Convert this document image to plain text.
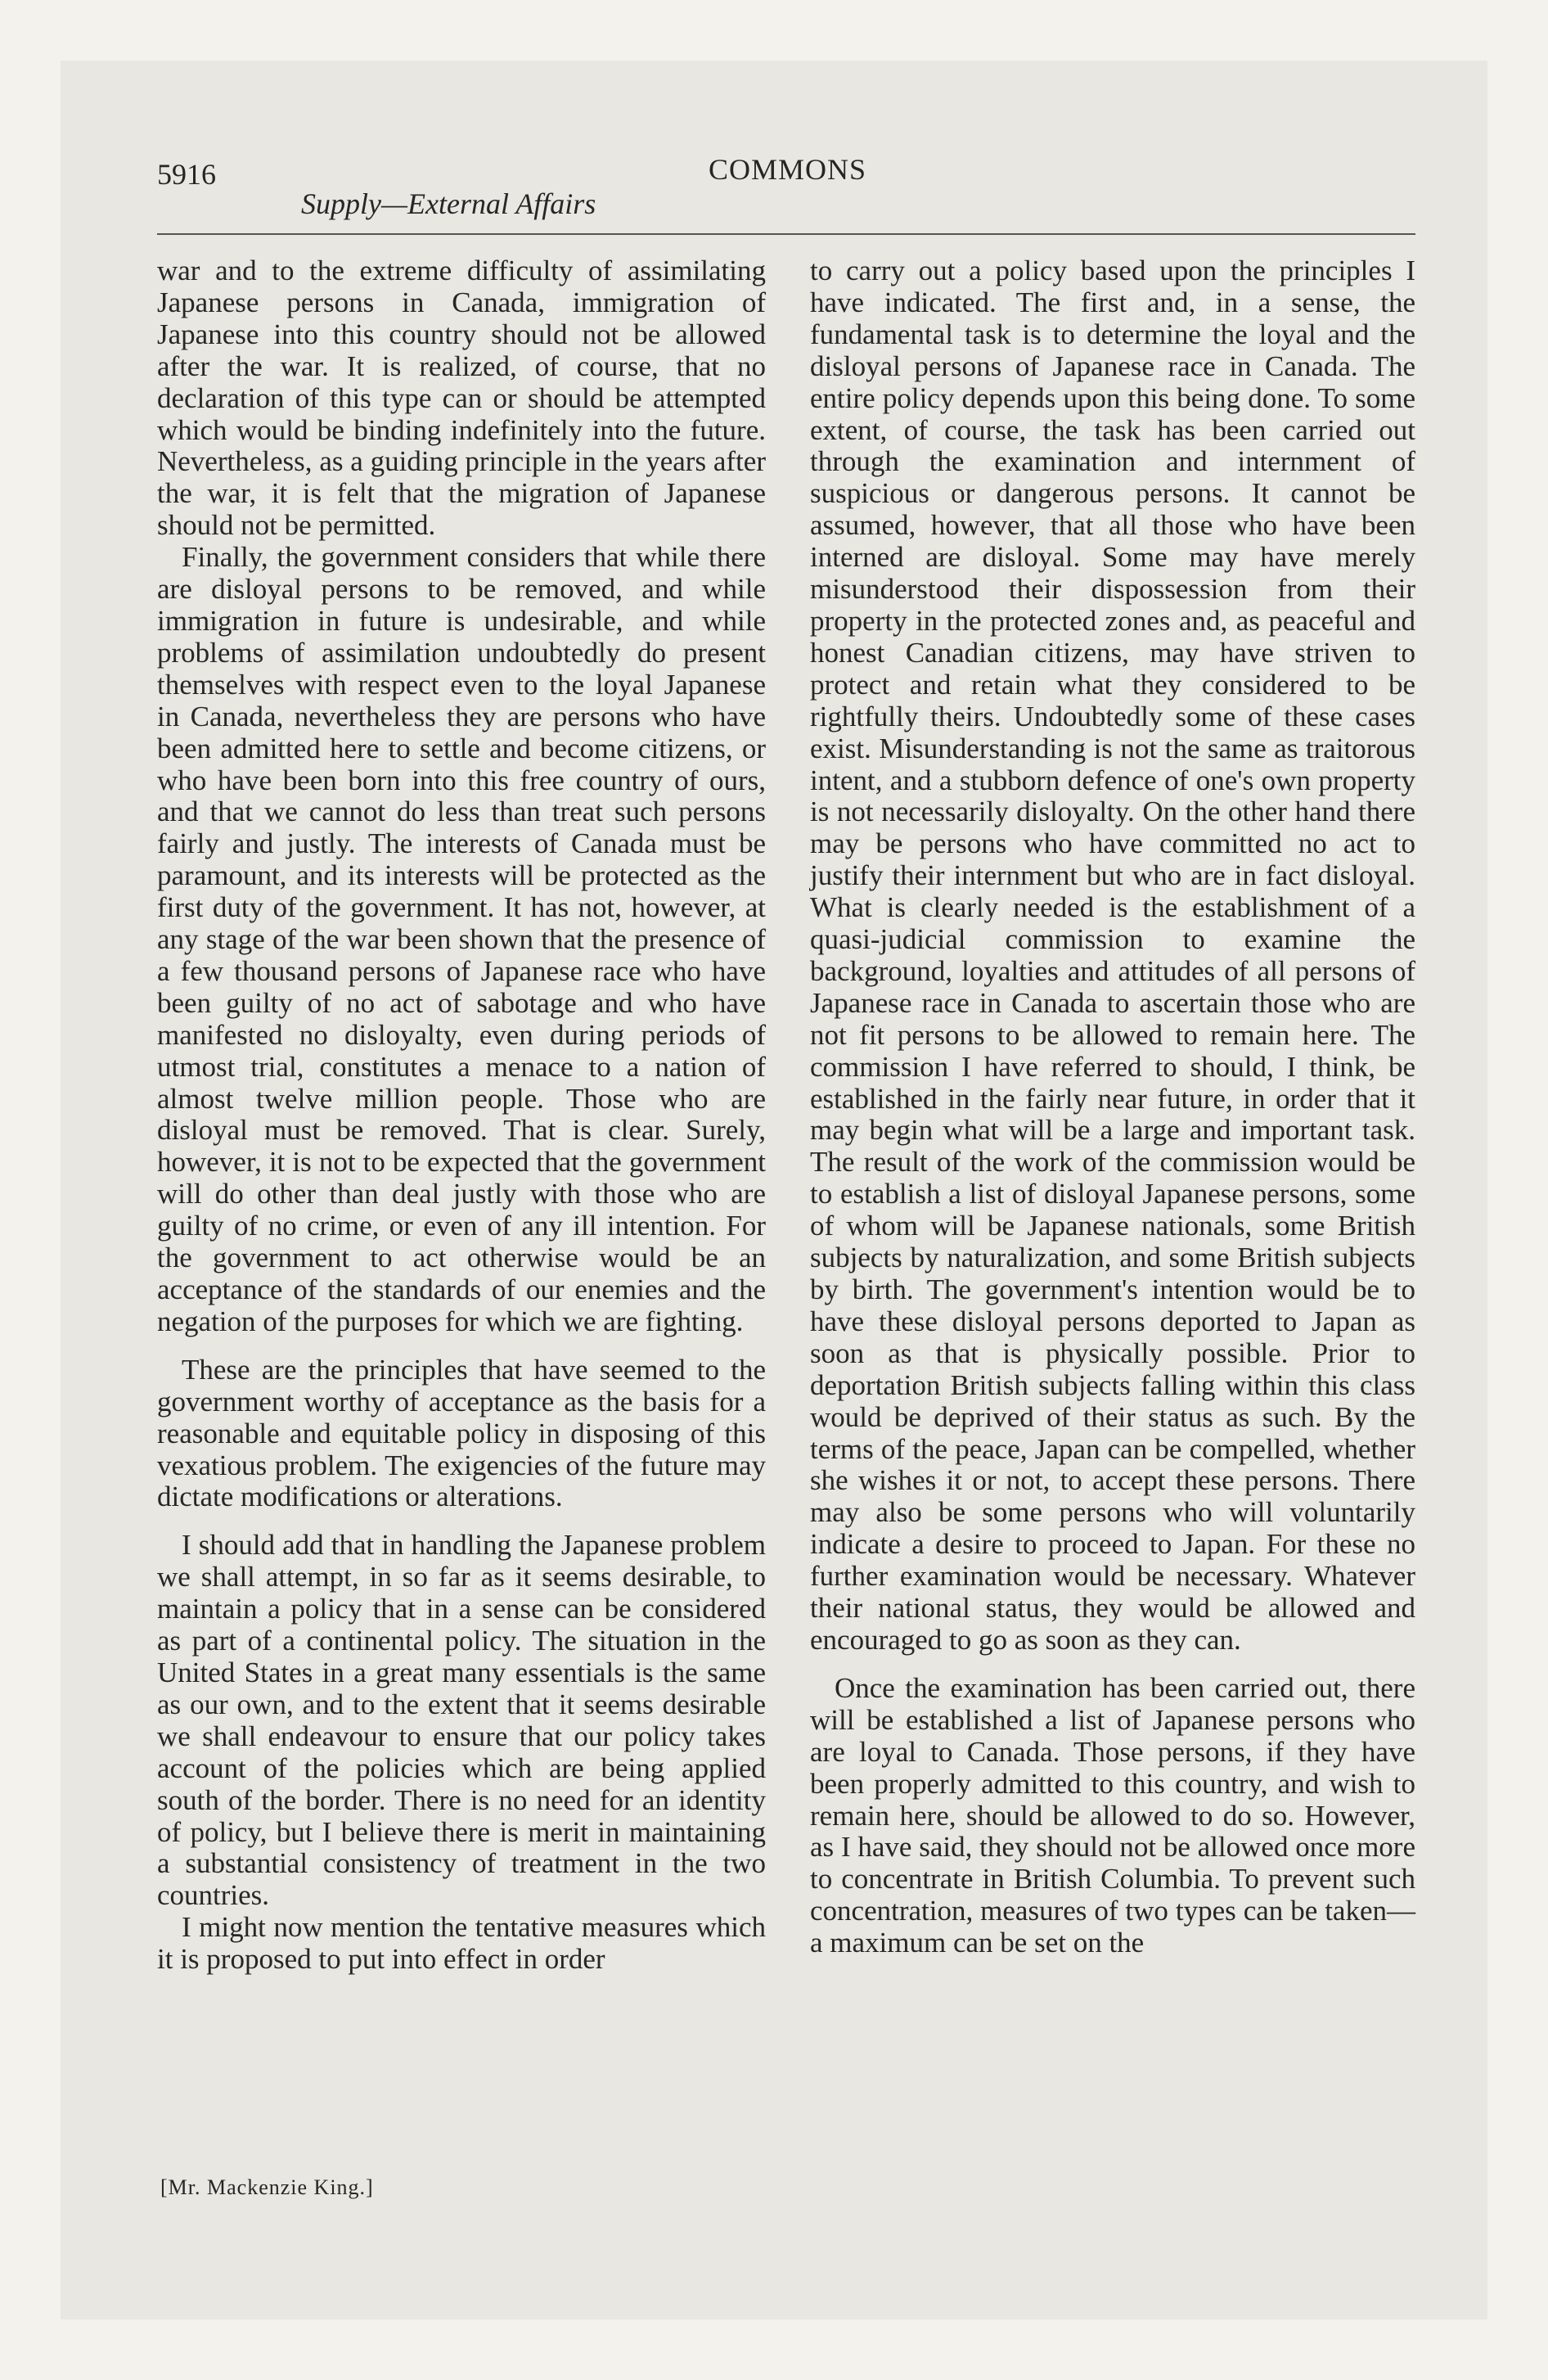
5916	COMMONS
Supply—External Affairs

war and to the extreme difficulty of assimilating Japanese persons in Canada, immigration of Japanese into this country should not be allowed after the war. It is realized, of course, that no declaration of this type can or should be attempted which would be binding indefinitely into the future. Nevertheless, as a guiding principle in the years after the war, it is felt that the migration of Japanese should not be permitted.

Finally, the government considers that while there are disloyal persons to be removed, and while immigration in future is undesirable, and while problems of assimilation undoubtedly do present themselves with respect even to the loyal Japanese in Canada, nevertheless they are persons who have been admitted here to settle and become citizens, or who have been born into this free country of ours, and that we cannot do less than treat such persons fairly and justly. The interests of Canada must be paramount, and its interests will be protected as the first duty of the government. It has not, however, at any stage of the war been shown that the presence of a few thousand persons of Japanese race who have been guilty of no act of sabotage and who have manifested no disloyalty, even during periods of utmost trial, constitutes a menace to a nation of almost twelve million people. Those who are disloyal must be removed. That is clear. Surely, however, it is not to be expected that the government will do other than deal justly with those who are guilty of no crime, or even of any ill intention. For the government to act otherwise would be an acceptance of the standards of our enemies and the negation of the purposes for which we are fighting.

These are the principles that have seemed to the government worthy of acceptance as the basis for a reasonable and equitable policy in disposing of this vexatious problem. The exigencies of the future may dictate modifications or alterations.

I should add that in handling the Japanese problem we shall attempt, in so far as it seems desirable, to maintain a policy that in a sense can be considered as part of a continental policy. The situation in the United States in a great many essentials is the same as our own, and to the extent that it seems desirable we shall endeavour to ensure that our policy takes account of the policies which are being applied south of the border. There is no need for an identity of policy, but I believe there is merit in maintaining a substantial consistency of treatment in the two countries.

I might now mention the tentative measures which it is proposed to put into effect in order

to carry out a policy based upon the principles I have indicated. The first and, in a sense, the fundamental task is to determine the loyal and the disloyal persons of Japanese race in Canada. The entire policy depends upon this being done. To some extent, of course, the task has been carried out through the examination and internment of suspicious or dangerous persons. It cannot be assumed, however, that all those who have been interned are disloyal. Some may have merely misunderstood their dispossession from their property in the protected zones and, as peaceful and honest Canadian citizens, may have striven to protect and retain what they considered to be rightfully theirs. Undoubtedly some of these cases exist. Misunderstanding is not the same as traitorous intent, and a stubborn defence of one's own property is not necessarily disloyalty. On the other hand there may be persons who have committed no act to justify their internment but who are in fact disloyal. What is clearly needed is the establishment of a quasi-judicial commission to examine the background, loyalties and attitudes of all persons of Japanese race in Canada to ascertain those who are not fit persons to be allowed to remain here. The commission I have referred to should, I think, be established in the fairly near future, in order that it may begin what will be a large and important task. The result of the work of the commission would be to establish a list of disloyal Japanese persons, some of whom will be Japanese nationals, some British subjects by naturalization, and some British subjects by birth. The government's intention would be to have these disloyal persons deported to Japan as soon as that is physically possible. Prior to deportation British subjects falling within this class would be deprived of their status as such. By the terms of the peace, Japan can be compelled, whether she wishes it or not, to accept these persons. There may also be some persons who will voluntarily indicate a desire to proceed to Japan. For these no further examination would be necessary. Whatever their national status, they would be allowed and encouraged to go as soon as they can.

Once the examination has been carried out, there will be established a list of Japanese persons who are loyal to Canada. Those persons, if they have been properly admitted to this country, and wish to remain here, should be allowed to do so. However, as I have said, they should not be allowed once more to concentrate in British Columbia. To prevent such concentration, measures of two types can be taken—a maximum can be set on the

[Mr. Mackenzie King.]
